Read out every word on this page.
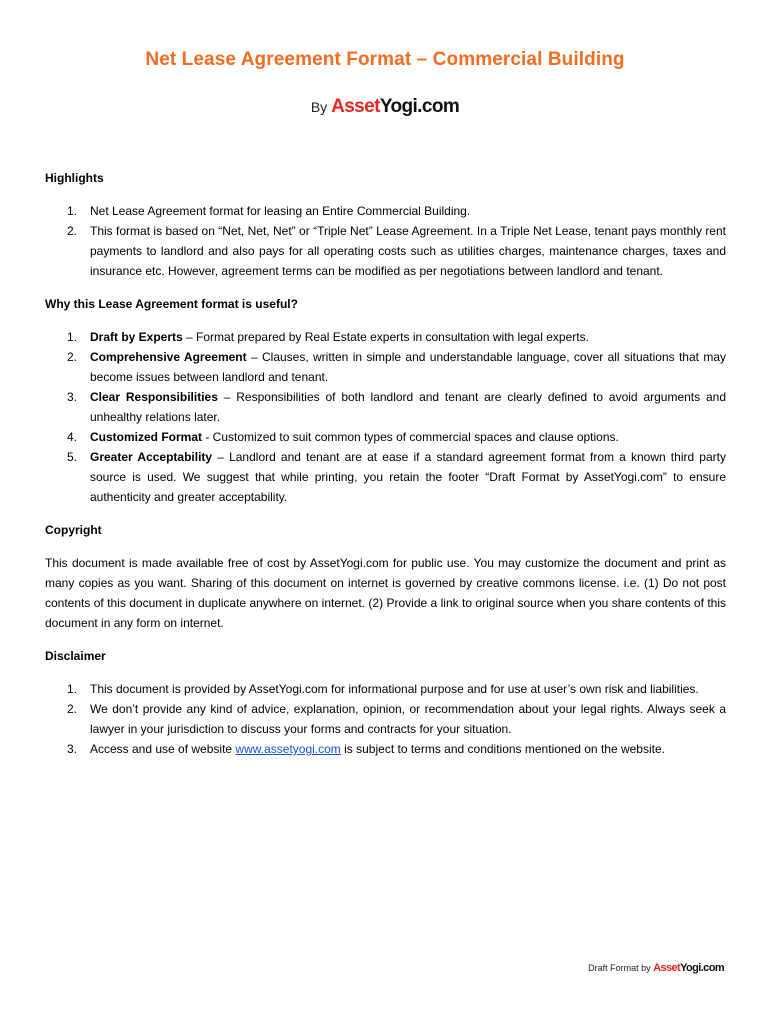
Net Lease Agreement Format – Commercial Building
By AssetYogi.com

Highlights

1. Net Lease Agreement format for leasing an Entire Commercial Building.
2. This format is based on “Net, Net, Net” or “Triple Net” Lease Agreement. In a Triple Net Lease, tenant pays monthly rent payments to landlord and also pays for all operating costs such as utilities charges, maintenance charges, taxes and insurance etc. However, agreement terms can be modified as per negotiations between landlord and tenant.

Why this Lease Agreement format is useful?

1. Draft by Experts – Format prepared by Real Estate experts in consultation with legal experts.
2. Comprehensive Agreement – Clauses, written in simple and understandable language, cover all situations that may become issues between landlord and tenant.
3. Clear Responsibilities – Responsibilities of both landlord and tenant are clearly defined to avoid arguments and unhealthy relations later.
4. Customized Format - Customized to suit common types of commercial spaces and clause options.
5. Greater Acceptability – Landlord and tenant are at ease if a standard agreement format from a known third party source is used. We suggest that while printing, you retain the footer “Draft Format by AssetYogi.com” to ensure authenticity and greater acceptability.

Copyright

This document is made available free of cost by AssetYogi.com for public use. You may customize the document and print as many copies as you want. Sharing of this document on internet is governed by creative commons license. i.e. (1) Do not post contents of this document in duplicate anywhere on internet. (2) Provide a link to original source when you share contents of this document in any form on internet.

Disclaimer

1. This document is provided by AssetYogi.com for informational purpose and for use at user’s own risk and liabilities.
2. We don’t provide any kind of advice, explanation, opinion, or recommendation about your legal rights. Always seek a lawyer in your jurisdiction to discuss your forms and contracts for your situation.
3. Access and use of website www.assetyogi.com is subject to terms and conditions mentioned on the website.
Draft Format by AssetYogi.com
